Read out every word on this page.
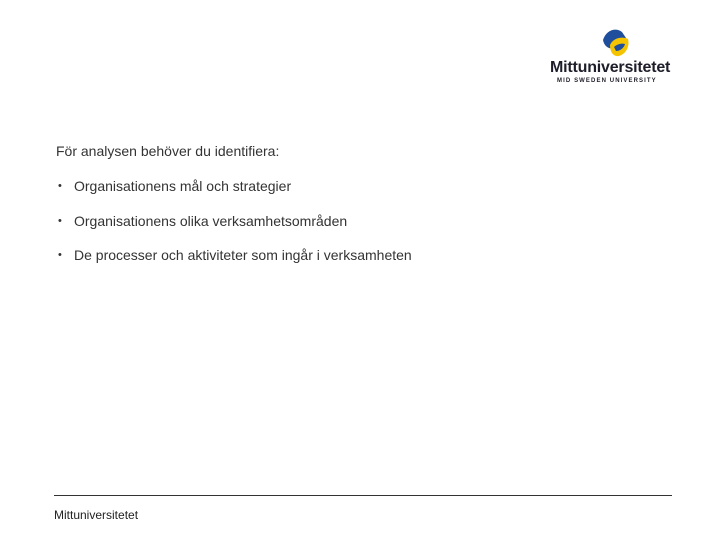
Mittuniversitetet
MID SWEDEN UNIVERSITY
För analysen behöver du identifiera:
• Organisationens mål och strategier
• Organisationens olika verksamhetsområden
• De processer och aktiviteter som ingår i verksamheten
Mittuniversitetet
